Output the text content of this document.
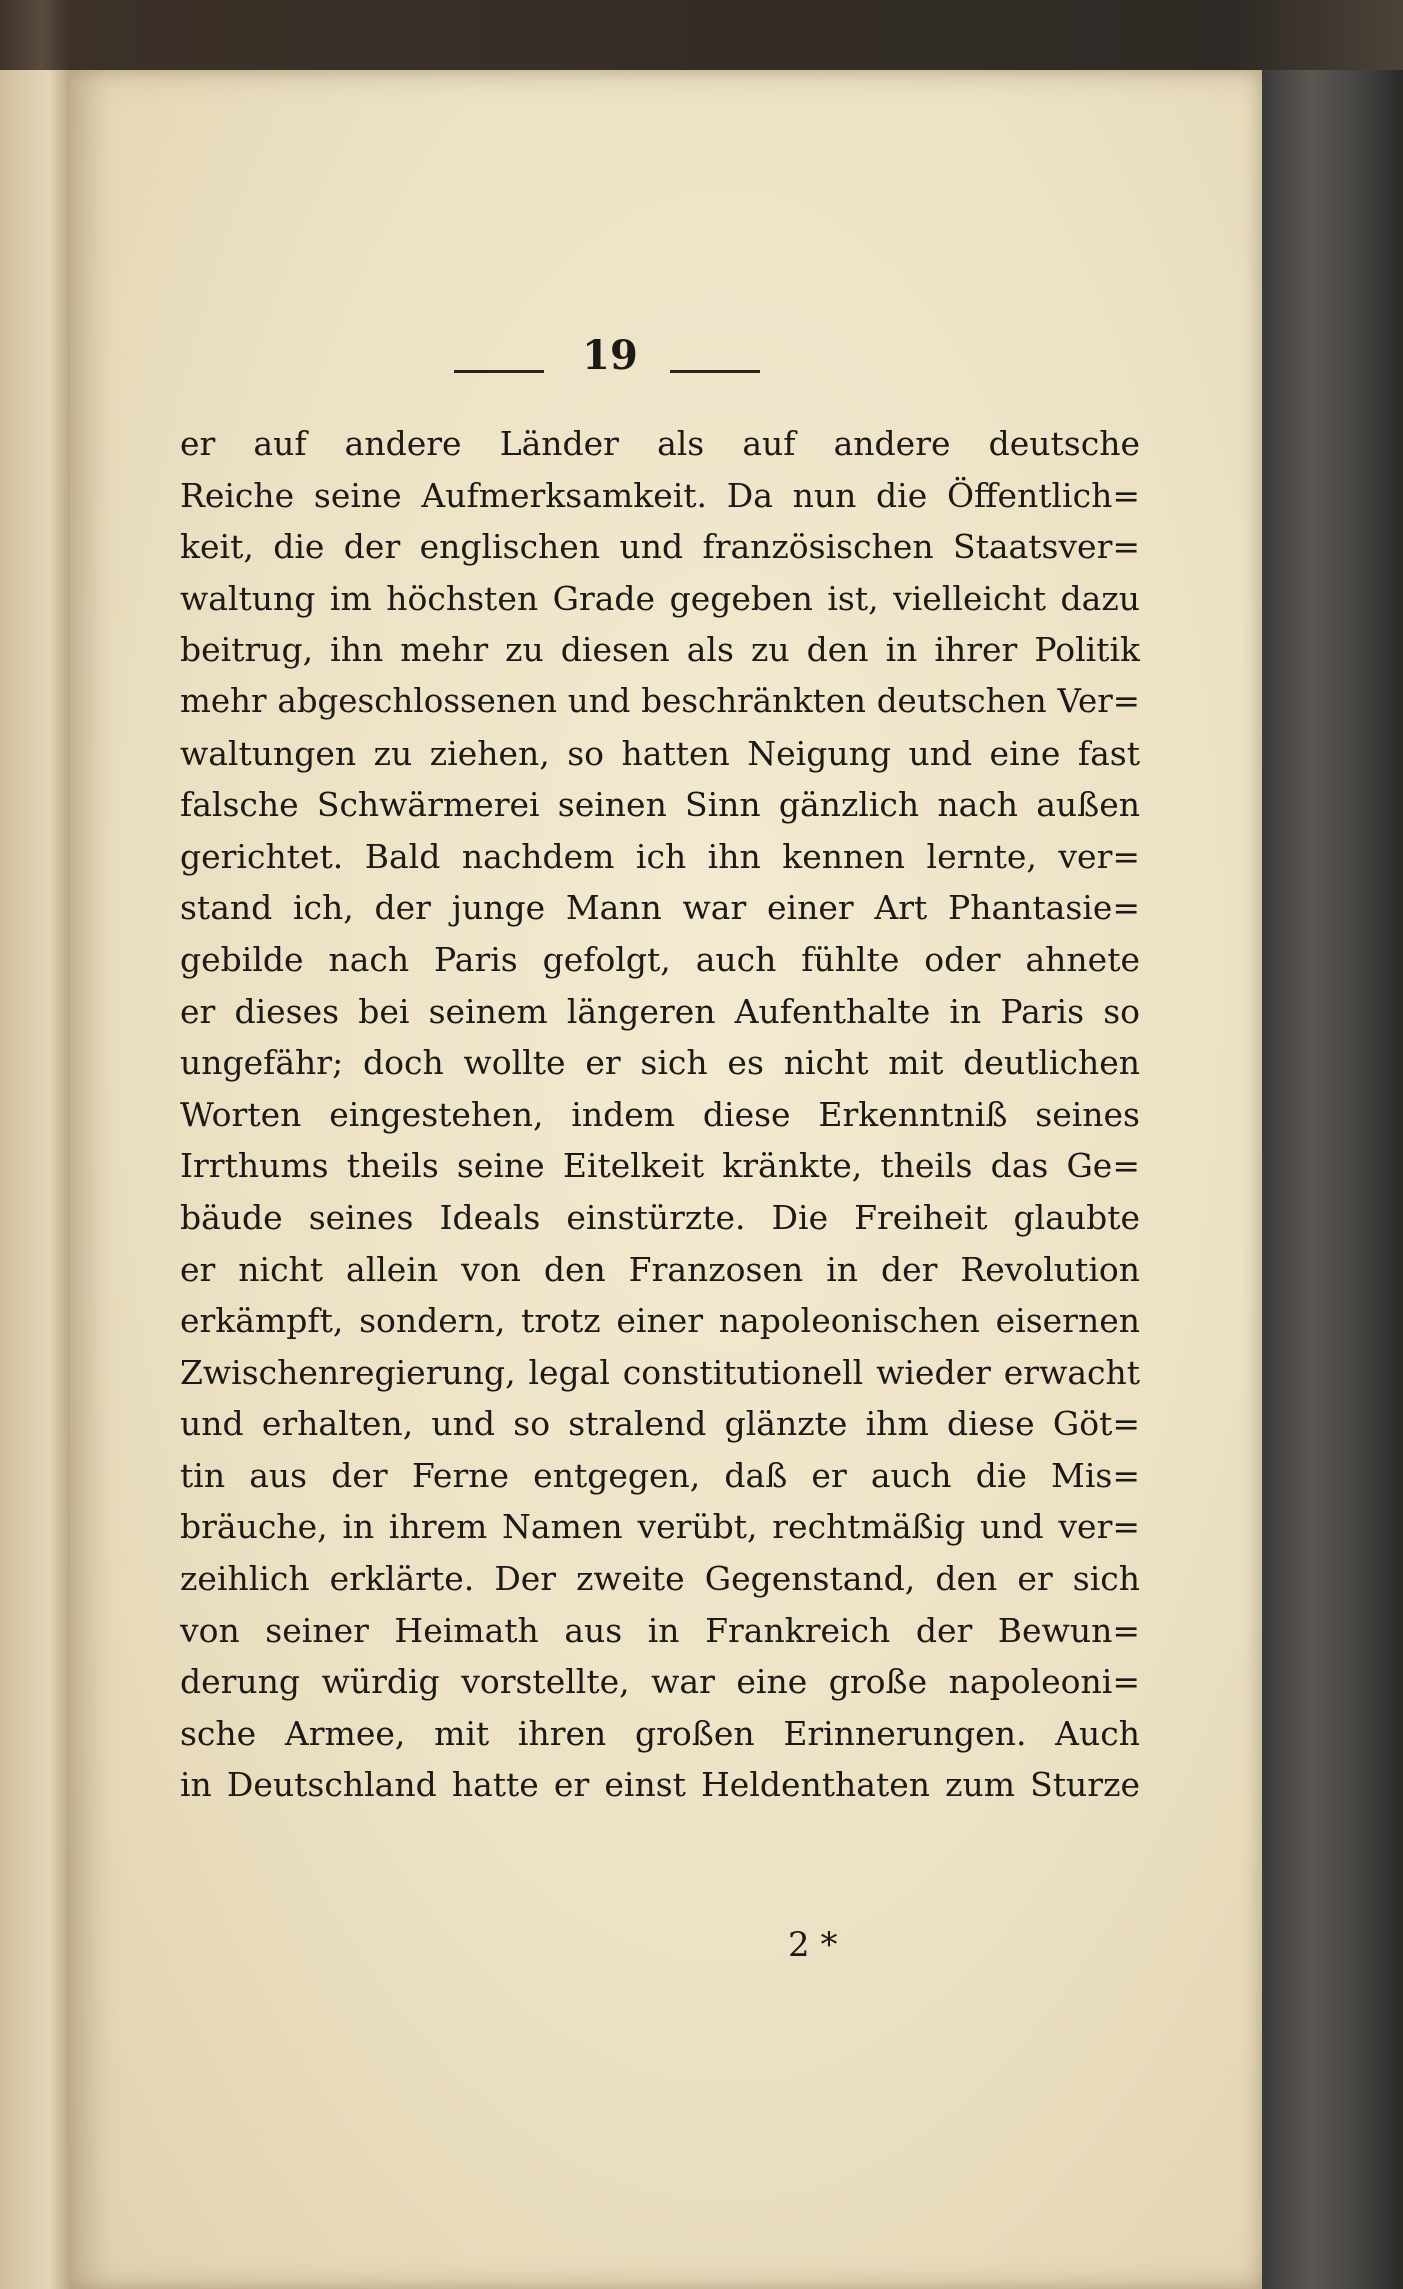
19
er auf andere Länder als auf andere deutsche
Reiche seine Aufmerksamkeit. Da nun die Öffentlich=
keit, die der englischen und französischen Staatsver=
waltung im höchsten Grade gegeben ist, vielleicht dazu
beitrug, ihn mehr zu diesen als zu den in ihrer Politik
mehr abgeschlossenen und beschränkten deutschen Ver=
waltungen zu ziehen, so hatten Neigung und eine fast
falsche Schwärmerei seinen Sinn gänzlich nach außen
gerichtet. Bald nachdem ich ihn kennen lernte, ver=
stand ich, der junge Mann war einer Art Phantasie=
gebilde nach Paris gefolgt, auch fühlte oder ahnete
er dieses bei seinem längeren Aufenthalte in Paris so
ungefähr; doch wollte er sich es nicht mit deutlichen
Worten eingestehen, indem diese Erkenntniß seines
Irrthums theils seine Eitelkeit kränkte, theils das Ge=
bäude seines Ideals einstürzte. Die Freiheit glaubte
er nicht allein von den Franzosen in der Revolution
erkämpft, sondern, trotz einer napoleonischen eisernen
Zwischenregierung, legal constitutionell wieder erwacht
und erhalten, und so stralend glänzte ihm diese Göt=
tin aus der Ferne entgegen, daß er auch die Mis=
bräuche, in ihrem Namen verübt, rechtmäßig und ver=
zeihlich erklärte. Der zweite Gegenstand, den er sich
von seiner Heimath aus in Frankreich der Bewun=
derung würdig vorstellte, war eine große napoleoni=
sche Armee, mit ihren großen Erinnerungen. Auch
in Deutschland hatte er einst Heldenthaten zum Sturze
2 *
